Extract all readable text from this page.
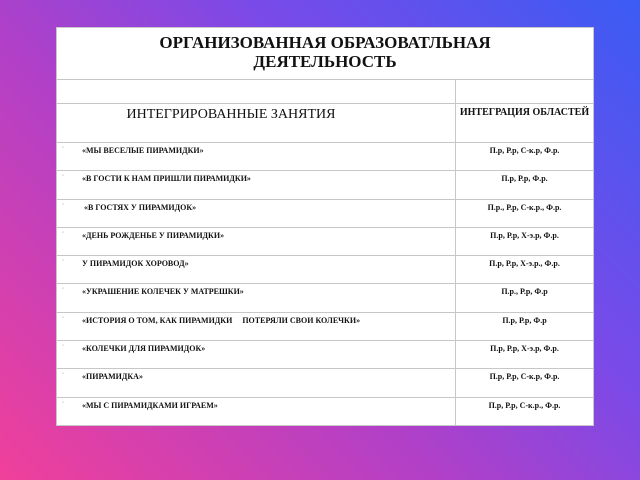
ОРГАНИЗОВАННАЯ ОБРАЗОВАТЛЬНАЯ ДЕЯТЕЛЬНОСТЬ
ИНТЕГРИРОВАННЫЕ ЗАНЯТИЯ	ИНТЕГРАЦИЯ ОБЛАСТЕЙ
◦ «МЫ ВЕСЕЛЫЕ ПИРАМИДКИ»	П.р, Р.р, С-к.р, Ф.р.
◦ «В ГОСТИ К НАМ ПРИШЛИ ПИРАМИДКИ»	П.р, Р.р, Ф.р.
◦ «В ГОСТЯХ У ПИРАМИДОК»	П.р., Р.р, С-к.р., Ф.р.
◦ «ДЕНЬ РОЖДЕНЬЕ У ПИРАМИДКИ»	П.р, Р.р, Х-э.р, Ф.р.
◦ У ПИРАМИДОК ХОРОВОД»	П.р, Р.р, Х-э.р., Ф.р.
◦ «УКРАШЕНИЕ КОЛЕЧЕК У МАТРЕШКИ»	П.р., Р.р, Ф.р
◦ «ИСТОРИЯ О ТОМ, КАК ПИРАМИДКИ     ПОТЕРЯЛИ СВОИ КОЛЕЧКИ»	П.р, Р.р, Ф.р
◦ «КОЛЕЧКИ ДЛЯ ПИРАМИДОК»	П.р, Р.р, Х-э.р, Ф.р.
◦ «ПИРАМИДКА»	П.р, Р.р, С-к.р, Ф.р.
◦ «МЫ С ПИРАМИДКАМИ ИГРАЕМ»	П.р, Р.р, С-к.р., Ф.р.
